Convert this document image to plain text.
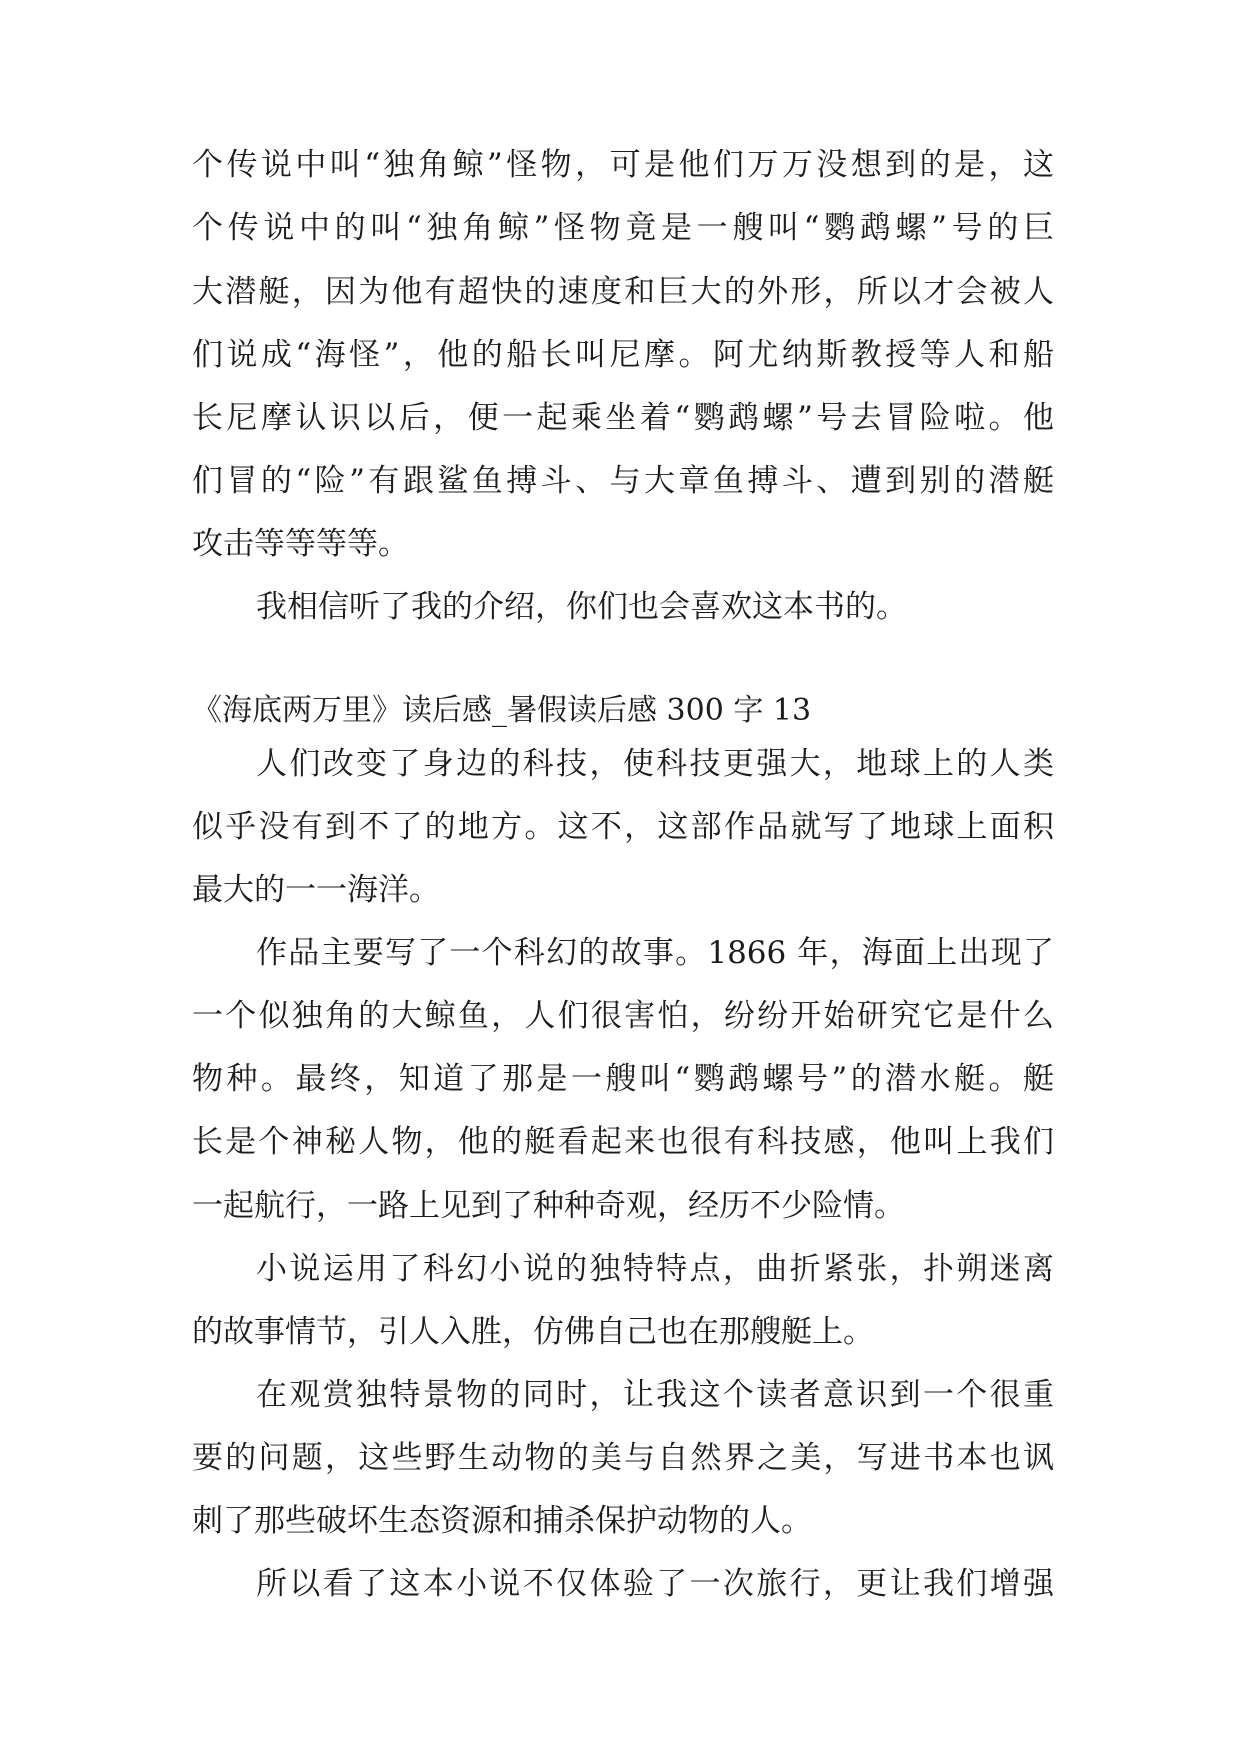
个传说中叫“独角鲸”怪物，可是他们万万没想到的是，这
个传说中的叫“独角鲸”怪物竟是一艘叫“鹦鹉螺”号的巨
大潜艇，因为他有超快的速度和巨大的外形，所以才会被人
们说成“海怪”，他的船长叫尼摩。阿尤纳斯教授等人和船
长尼摩认识以后，便一起乘坐着“鹦鹉螺”号去冒险啦。他
们冒的“险”有跟鲨鱼搏斗、与大章鱼搏斗、遭到别的潜艇
攻击等等等等。
我相信听了我的介绍，你们也会喜欢这本书的。
《海底两万里》读后感_暑假读后感 300 字 13
人们改变了身边的科技，使科技更强大，地球上的人类
似乎没有到不了的地方。这不，这部作品就写了地球上面积
最大的一一海洋。
作品主要写了一个科幻的故事。1866 年，海面上出现了
一个似独角的大鲸鱼，人们很害怕，纷纷开始研究它是什么
物种。最终，知道了那是一艘叫“鹦鹉螺号”的潜水艇。艇
长是个神秘人物，他的艇看起来也很有科技感，他叫上我们
一起航行，一路上见到了种种奇观，经历不少险情。
小说运用了科幻小说的独特特点，曲折紧张，扑朔迷离
的故事情节，引人入胜，仿佛自己也在那艘艇上。
在观赏独特景物的同时，让我这个读者意识到一个很重
要的问题，这些野生动物的美与自然界之美，写进书本也讽
刺了那些破坏生态资源和捕杀保护动物的人。
所以看了这本小说不仅体验了一次旅行，更让我们增强
